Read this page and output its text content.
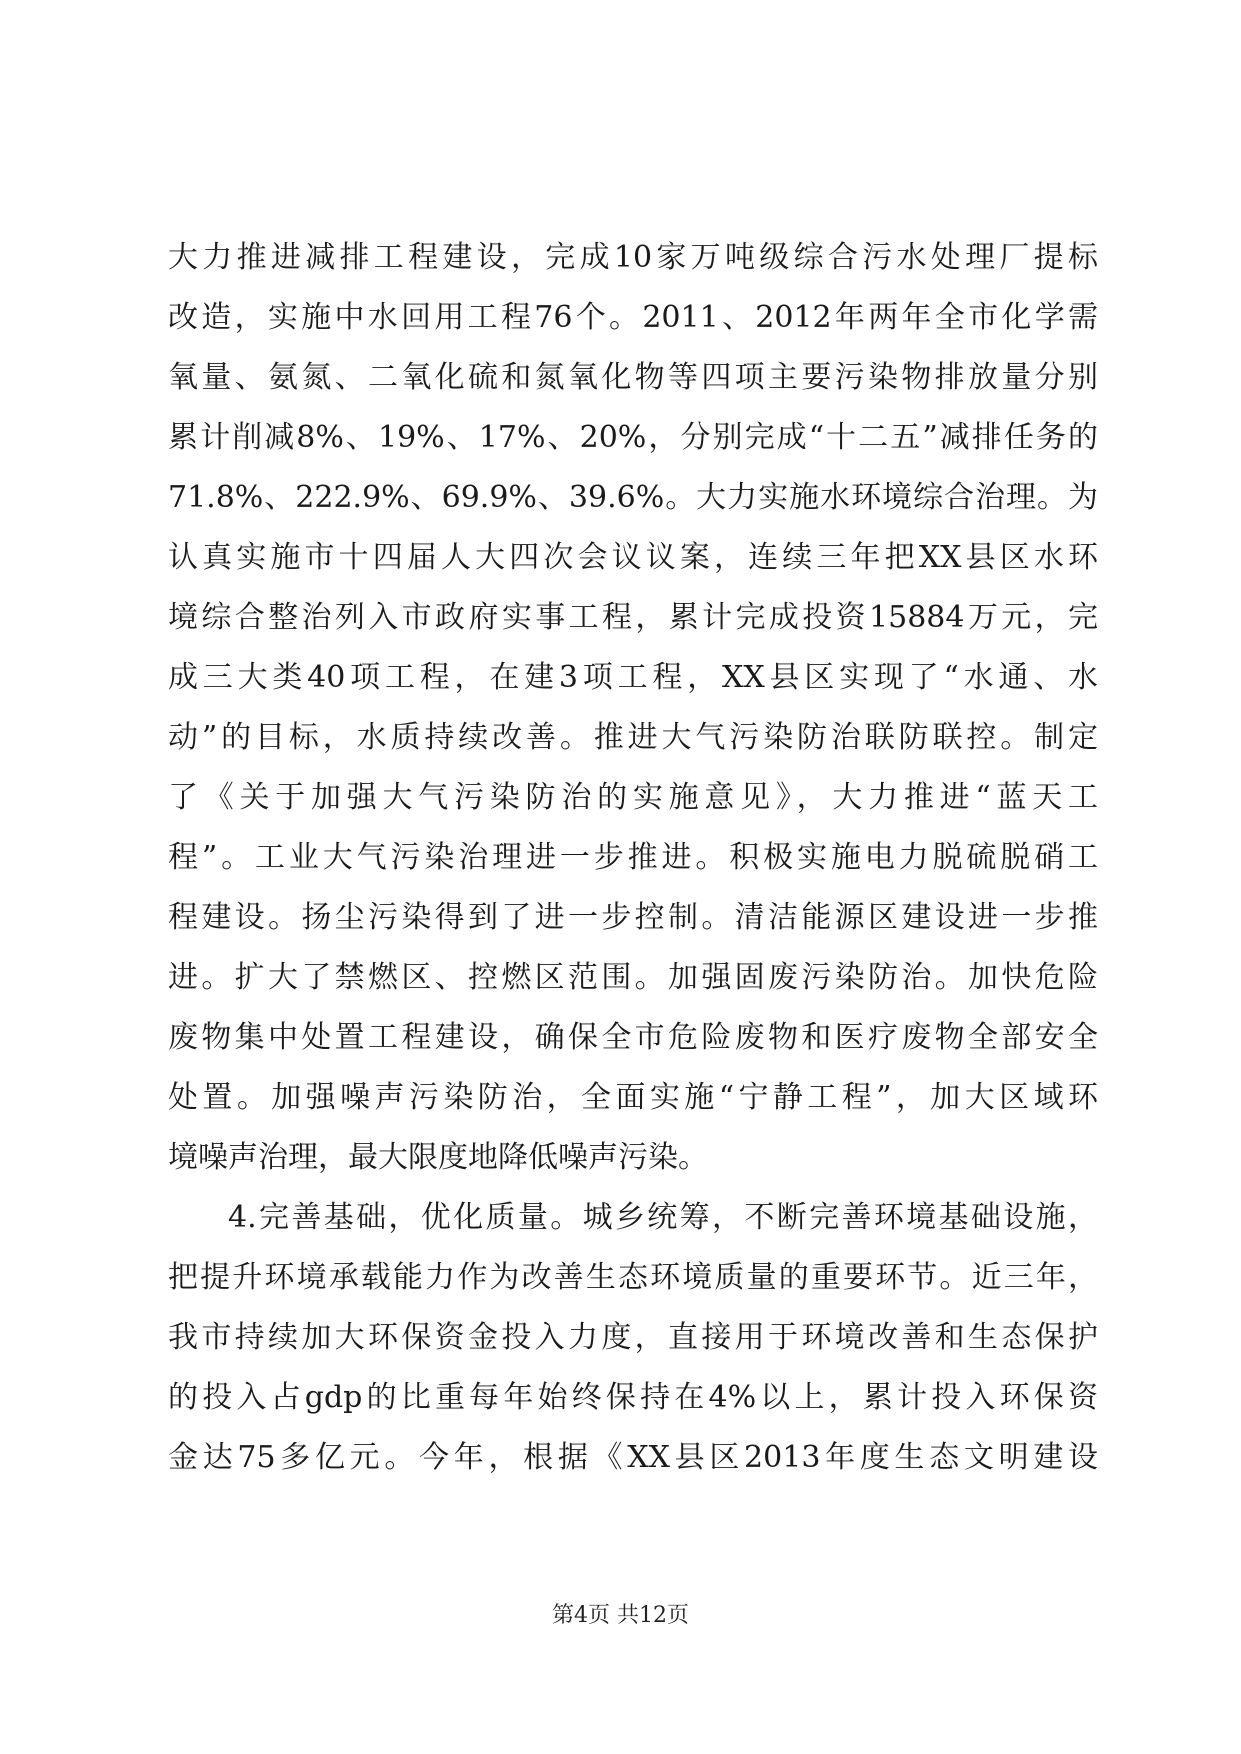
大力推进减排工程建设，完成10家万吨级综合污水处理厂提标
改造，实施中水回用工程76个。2011、2012年两年全市化学需
氧量、氨氮、二氧化硫和氮氧化物等四项主要污染物排放量分别
累计削减8%、19%、17%、20%，分别完成“十二五”减排任务的
71.8%、222.9%、69.9%、39.6%。大力实施水环境综合治理。为
认真实施市十四届人大四次会议议案，连续三年把XX县区水环
境综合整治列入市政府实事工程，累计完成投资15884万元，完
成三大类40项工程，在建3项工程，XX县区实现了“水通、水
动”的目标，水质持续改善。推进大气污染防治联防联控。制定
了《关于加强大气污染防治的实施意见》，大力推进“蓝天工
程”。工业大气污染治理进一步推进。积极实施电力脱硫脱硝工
程建设。扬尘污染得到了进一步控制。清洁能源区建设进一步推
进。扩大了禁燃区、控燃区范围。加强固废污染防治。加快危险
废物集中处置工程建设，确保全市危险废物和医疗废物全部安全
处置。加强噪声污染防治，全面实施“宁静工程”，加大区域环
境噪声治理，最大限度地降低噪声污染。
4.完善基础，优化质量。城乡统筹，不断完善环境基础设施，
把提升环境承载能力作为改善生态环境质量的重要环节。近三年，
我市持续加大环保资金投入力度，直接用于环境改善和生态保护
的投入占gdp的比重每年始终保持在4%以上，累计投入环保资
金达75多亿元。今年，根据《XX县区2013年度生态文明建设
第4页 共12页
